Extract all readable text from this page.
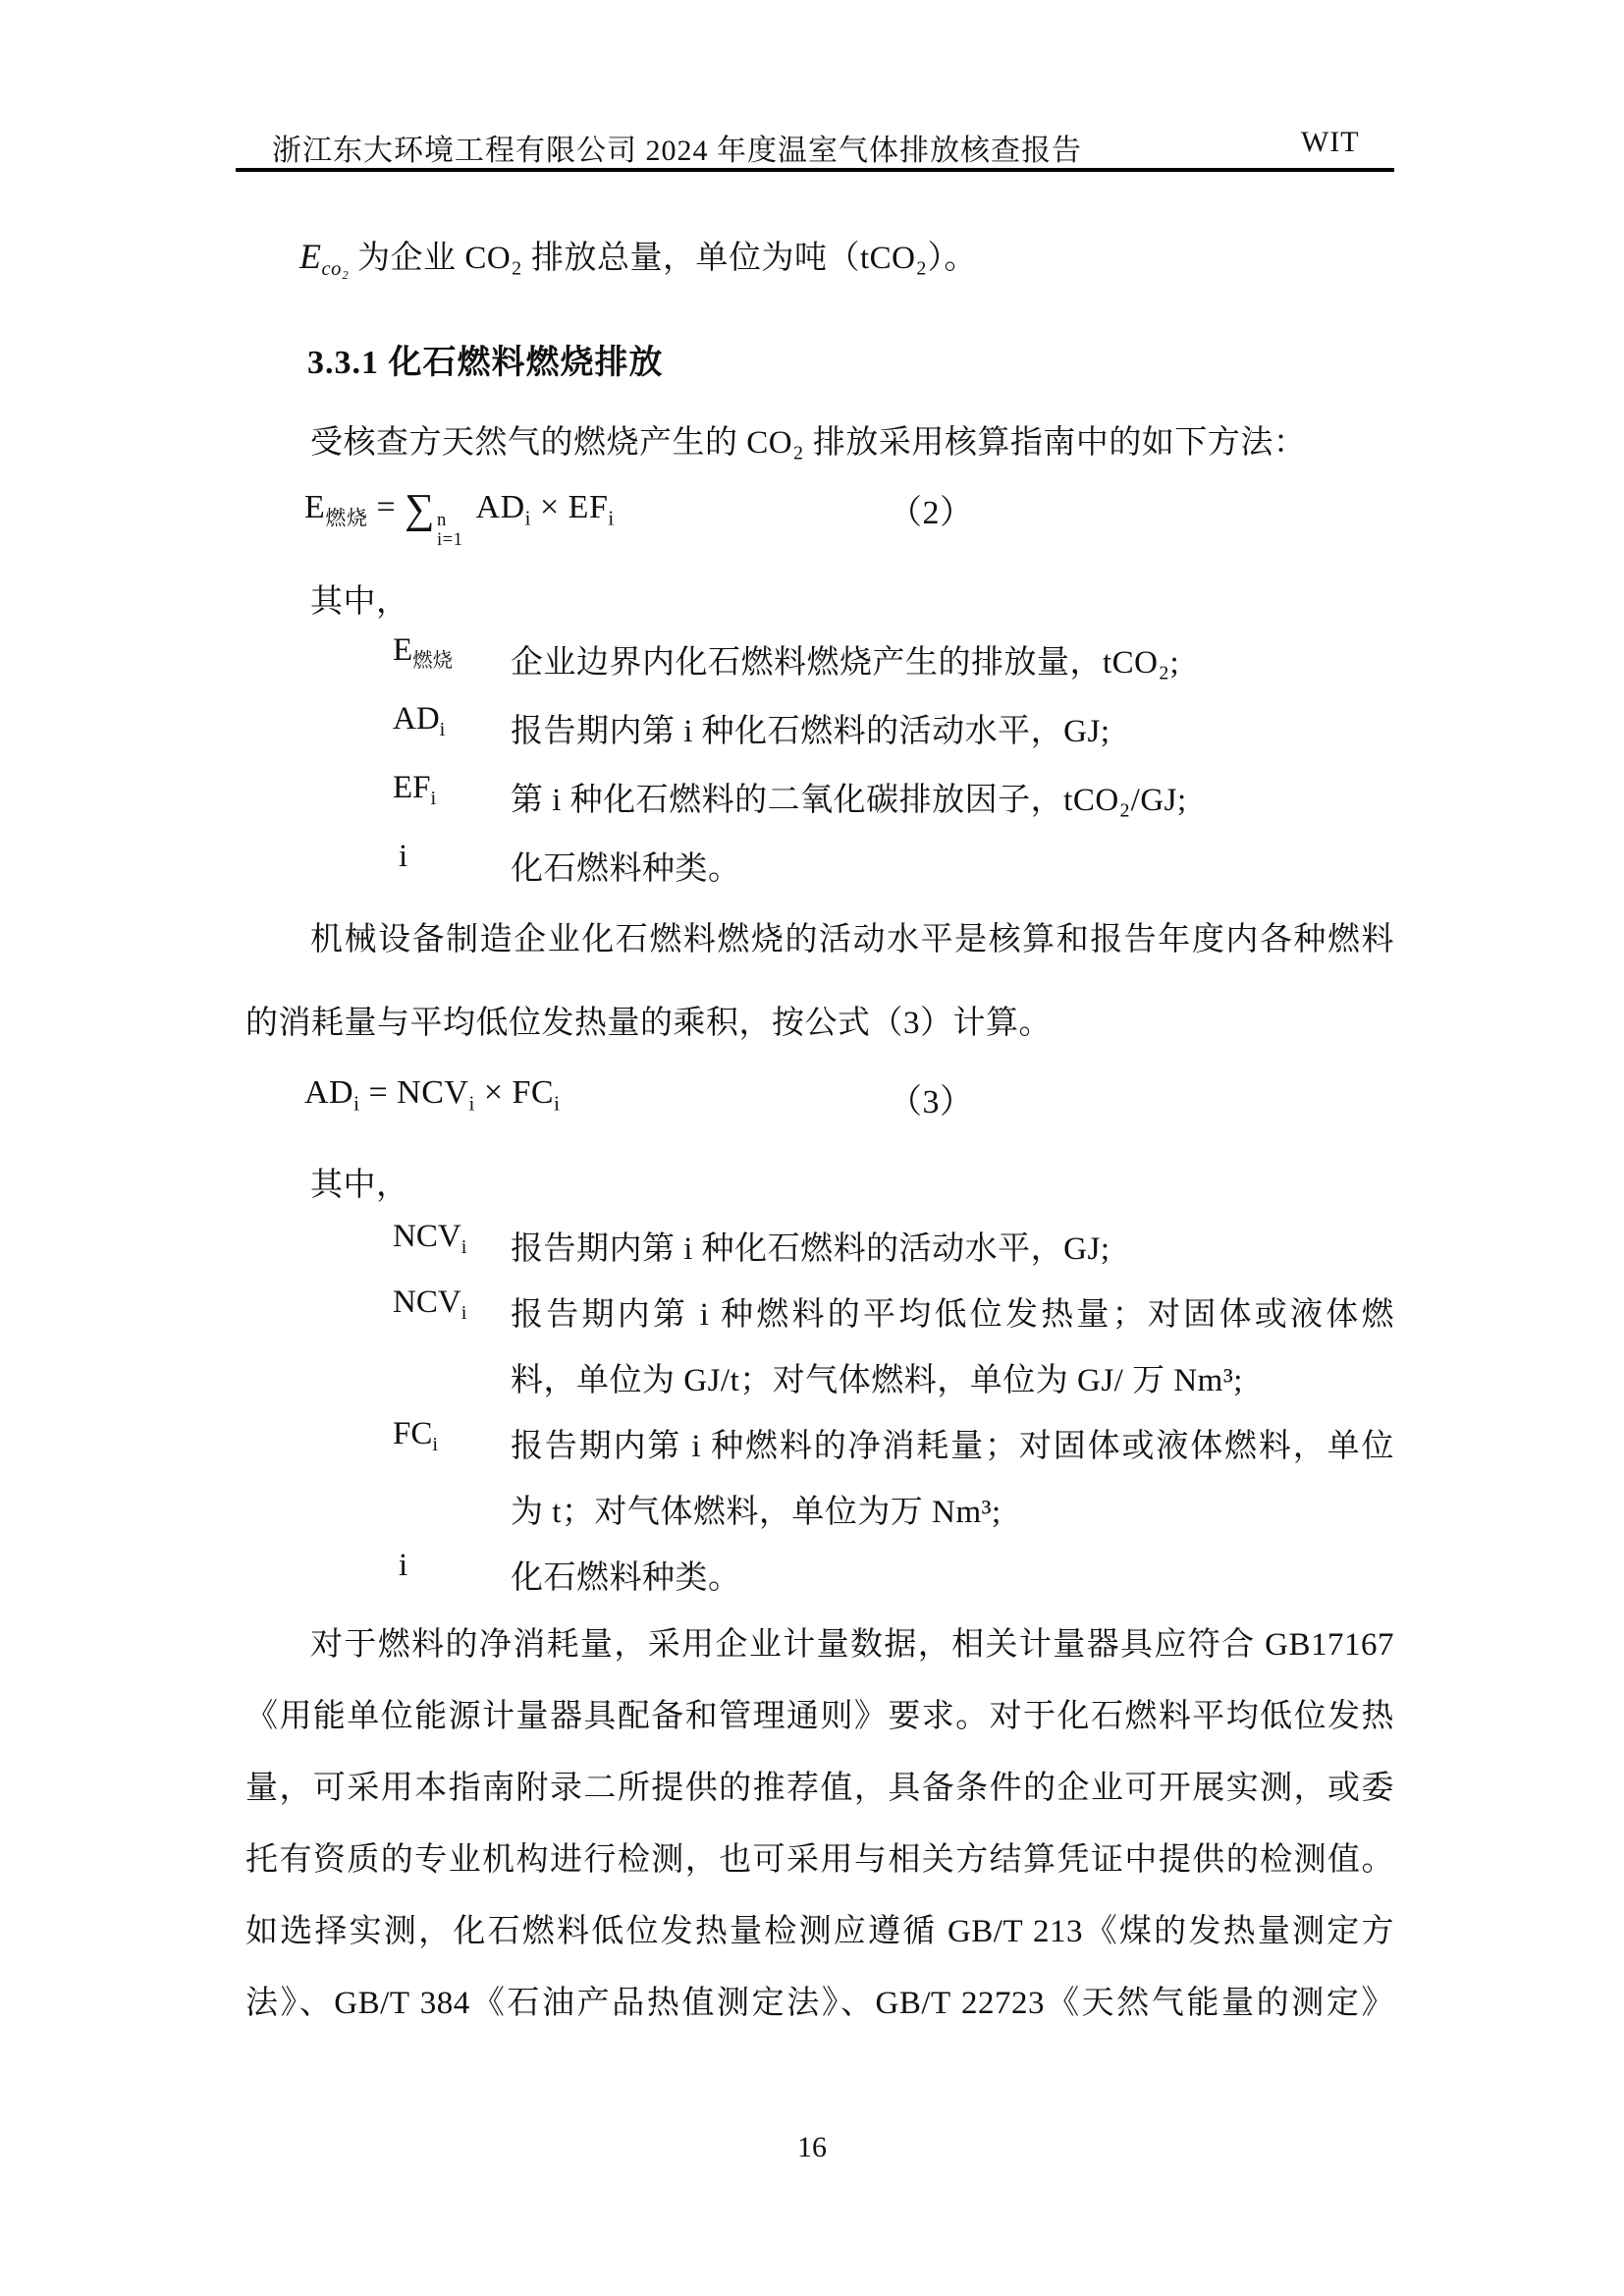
浙江东大环境工程有限公司 2024 年度温室气体排放核查报告	WIT
$E_{co_2}$ 为企业 CO₂ 排放总量，单位为吨（tCO₂）。
3.3.1 化石燃料燃烧排放
受核查方天然气的燃烧产生的 CO₂ 排放采用核算指南中的如下方法：
$E_{燃烧}$ = ∑ n
i=1
$AD_i \times EF_i$	（2）
其中，
$E_{燃烧}$ 企业边界内化石燃料燃烧产生的排放量，tCO₂;
$AD_i$ 报告期内第 i 种化石燃料的活动水平，GJ;
$EF_i$ 第 i 种化石燃料的二氧化碳排放因子，tCO₂/GJ;
i	化石燃料种类。
机械设备制造企业化石燃料燃烧的活动水平是核算和报告年度内各种燃料
的消耗量与平均低位发热量的乘积，按公式（3）计算。
$AD_i = NCV_i \times FC_i$	（3）
其中，
$NCV_i$ 报告期内第 i 种化石燃料的活动水平，GJ;
$NCV_i$ 报告期内第 i 种燃料的平均低位发热量；对固体或液体燃
料，单位为 GJ/t；对气体燃料，单位为 GJ/ 万 Nm³;
$FC_i$ 报告期内第 i 种燃料的净消耗量；对固体或液体燃料，单位
为 t；对气体燃料，单位为万 Nm³;
i	化石燃料种类。
对于燃料的净消耗量，采用企业计量数据，相关计量器具应符合 GB17167
《用能单位能源计量器具配备和管理通则》要求。对于化石燃料平均低位发热
量，可采用本指南附录二所提供的推荐值，具备条件的企业可开展实测，或委
托有资质的专业机构进行检测，也可采用与相关方结算凭证中提供的检测值。
如选择实测，化石燃料低位发热量检测应遵循 GB/T 213《煤的发热量测定方
法》、GB/T 384《石油产品热值测定法》、GB/T 22723《天然气能量的测定》
16
